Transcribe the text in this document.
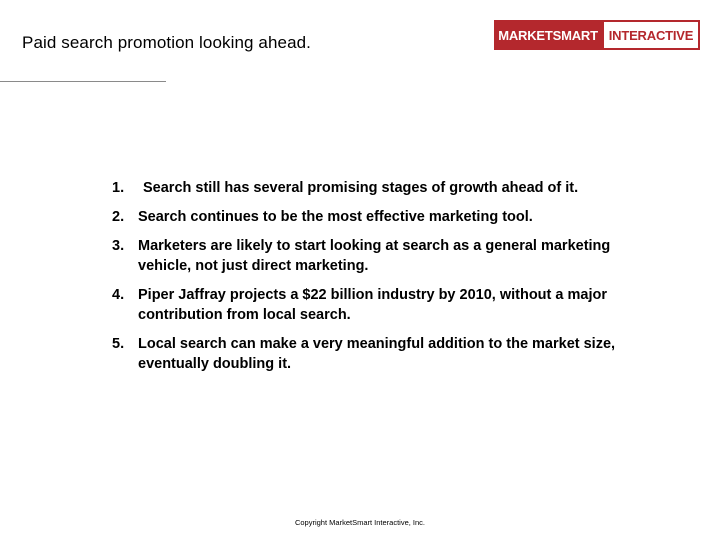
Paid search promotion looking ahead.	MARKETSMART INTERACTIVE
1.	Search still has several promising stages of growth ahead of it.
2. Search continues to be the most effective marketing tool.
3. Marketers are likely to start looking at search as a general marketing vehicle, not just direct marketing.
4. Piper Jaffray projects a $22 billion industry by 2010, without a major contribution from local search.
5. Local search can make a very meaningful addition to the market size, eventually doubling it.
Copyright MarketSmart Interactive, Inc.
